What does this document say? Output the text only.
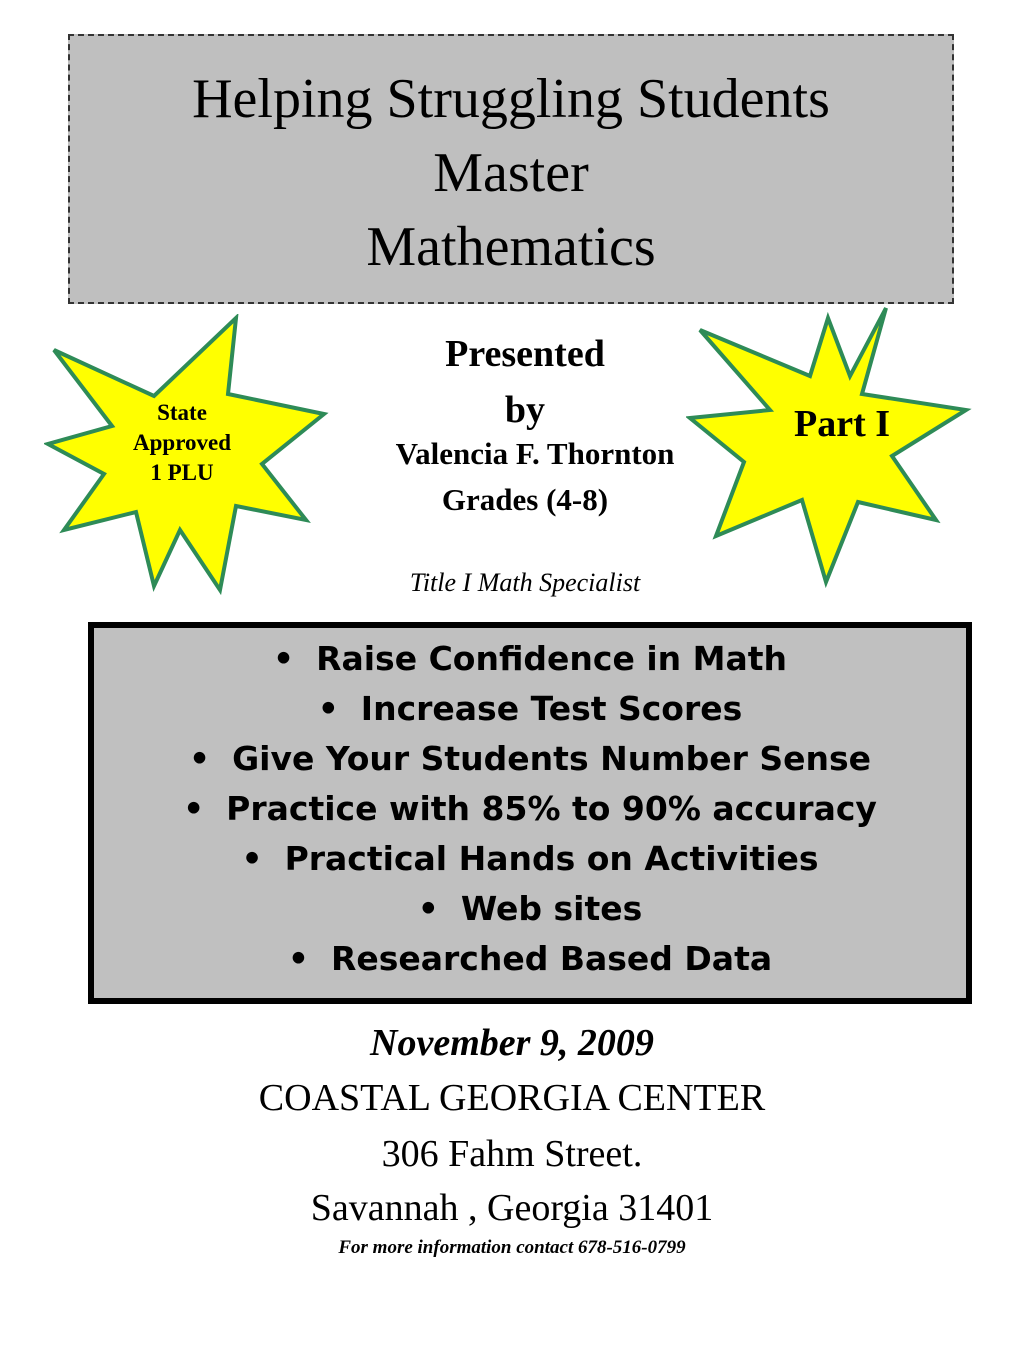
Helping Struggling Students
Master
Mathematics
State
Approved
1 PLU
Part I
Presented
by
Valencia F. Thornton
Grades (4-8)
Title I Math Specialist
• Raise Confidence in Math
• Increase Test Scores
• Give Your Students Number Sense
• Practice with 85% to 90% accuracy
• Practical Hands on Activities
• Web sites
• Researched Based Data
November 9, 2009
COASTAL GEORGIA CENTER
306 Fahm Street.
Savannah , Georgia 31401
For more information contact 678-516-0799
